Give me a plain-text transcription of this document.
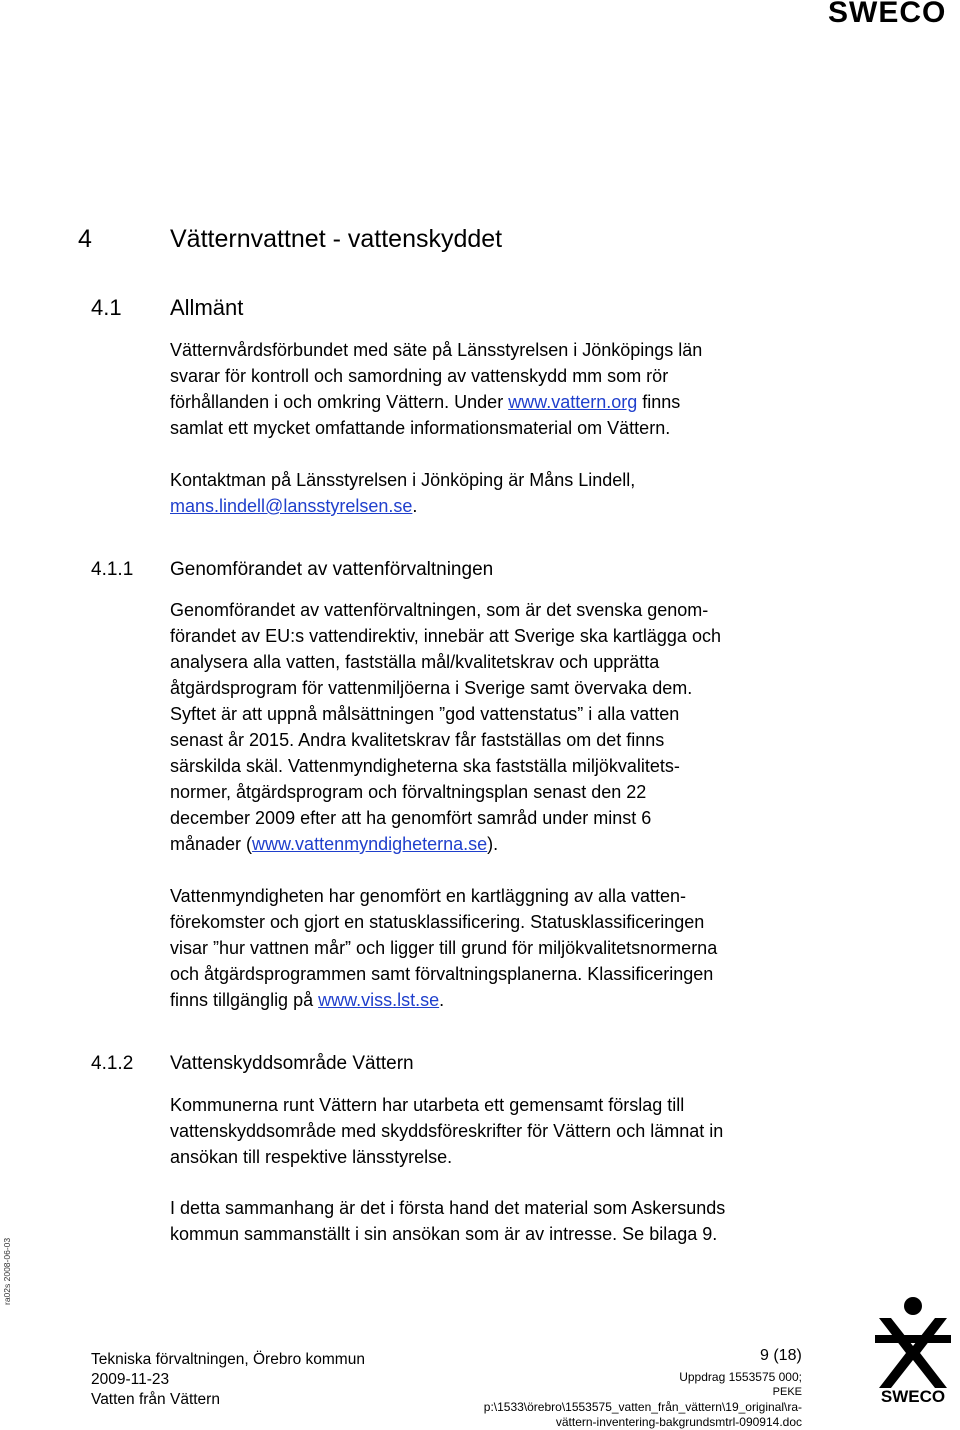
SWECO
4	Vätternvattnet - vattenskyddet
4.1 Allmänt
Vätternvårdsförbundet med säte på Länsstyrelsen i Jönköpings län
svarar för kontroll och samordning av vattenskydd mm som rör
förhållanden i och omkring Vättern. Under www.vattern.org finns
samlat ett mycket omfattande informationsmaterial om Vättern.
Kontaktman på Länsstyrelsen i Jönköping är Måns Lindell,
mans.lindell@lansstyrelsen.se.
4.1.1 Genomförandet av vattenförvaltningen
Genomförandet av vattenförvaltningen, som är det svenska genom-
förandet av EU:s vattendirektiv, innebär att Sverige ska kartlägga och
analysera alla vatten, fastställa mål/kvalitetskrav och upprätta
åtgärdsprogram för vattenmiljöerna i Sverige samt övervaka dem.
Syftet är att uppnå målsättningen ”god vattenstatus” i alla vatten
senast år 2015. Andra kvalitetskrav får fastställas om det finns
särskilda skäl. Vattenmyndigheterna ska fastställa miljökvalitets-
normer, åtgärdsprogram och förvaltningsplan senast den 22
december 2009 efter att ha genomfört samråd under minst 6
månader (www.vattenmyndigheterna.se).
Vattenmyndigheten har genomfört en kartläggning av alla vatten-
förekomster och gjort en statusklassificering. Statusklassificeringen
visar ”hur vattnen mår” och ligger till grund för miljökvalitetsnormerna
och åtgärdsprogrammen samt förvaltningsplanerna. Klassificeringen
finns tillgänglig på www.viss.lst.se.
4.1.2 Vattenskyddsområde Vättern
Kommunerna runt Vättern har utarbeta ett gemensamt förslag till
vattenskyddsområde med skyddsföreskrifter för Vättern och lämnat in
ansökan till respektive länsstyrelse.
I detta sammanhang är det i första hand det material som Askersunds
kommun sammanställt i sin ansökan som är av intresse. Se bilaga 9.
ra02s 2008-06-03
Tekniska förvaltningen, Örebro kommun
2009-11-23
Vatten från Vättern
9 (18)
Uppdrag 1553575 000;
PEKE
p:\1533\örebro\1553575_vatten_från_vättern\19_original\ra-
vättern-inventering-bakgrundsmtrl-090914.doc
SWECO
